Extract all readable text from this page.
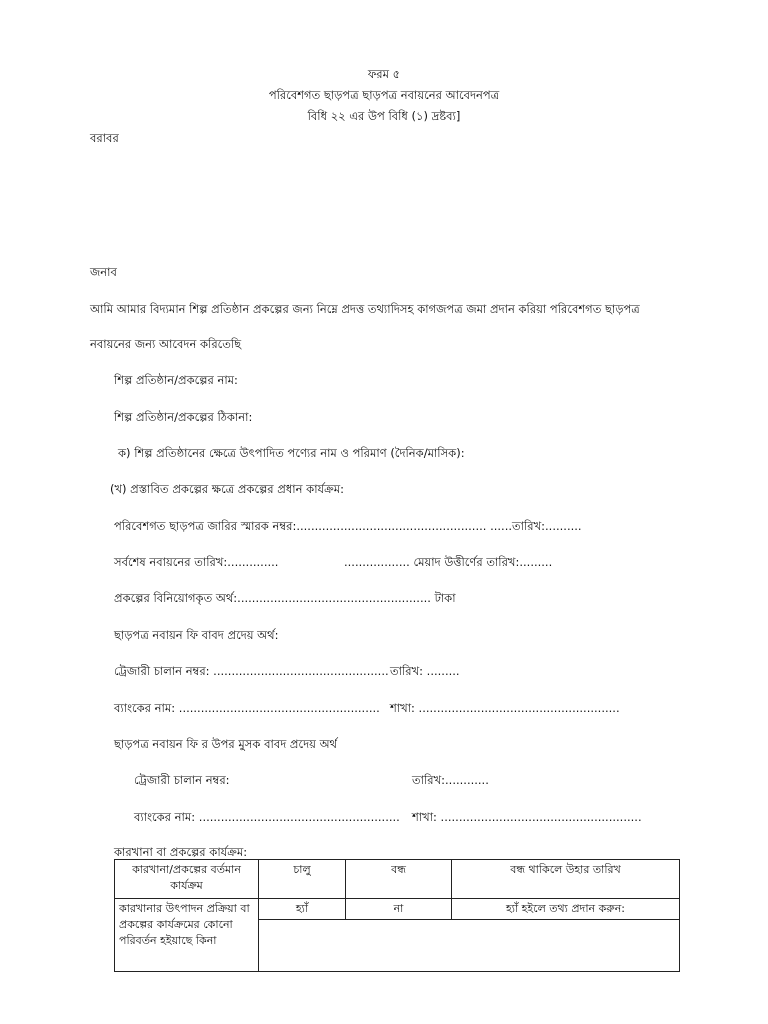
ফরম ৫
পরিবেশগত ছাড়পত্র ছাড়পত্র নবায়নের আবেদনপত্র
বিধি ২২ এর উপ বিধি (১) দ্রষ্টব্য]
বরাবর
জনাব
আমি আমার বিদ্যমান শিল্প প্রতিষ্ঠান প্রকল্পের জন্য নিম্নে প্রদত্ত তথ্যাদিসহ কাগজপত্র জমা প্রদান করিয়া পরিবেশগত ছাড়পত্র
নবায়নের জন্য আবেদন করিতেছি
শিল্প প্রতিষ্ঠান/প্রকল্পের নাম:
শিল্প প্রতিষ্ঠান/প্রকল্পের ঠিকানা:
ক) শিল্প প্রতিষ্ঠানের ক্ষেত্রে উৎপাদিত পণ্যের নাম ও পরিমাণ (দৈনিক/মাসিক):
(খ) প্রস্তাবিত প্রকল্পের ক্ষত্রে প্রকল্পের প্রধান কার্যক্রম:
পরিবেশগত ছাড়পত্র জারির স্মারক নম্বর:.................................................... ......তারিখ:..........
সর্বশেষ নবায়নের তারিখ:..............	.................. মেয়াদ উত্তীর্ণের তারিখ:.........
প্রকল্পের বিনিয়োগকৃত অর্থ:..................................................... টাকা
ছাড়পত্র নবায়ন ফি বাবদ প্রদেয় অর্থ:
ট্রেজারী চালান নম্বর: ................................................ তারিখ: .........
ব্যাংকের নাম: ....................................................... শাখা: .......................................................
ছাড়পত্র নবায়ন ফি র উপর মুসক বাবদ প্রদেয় অর্থ
ট্রেজারী চালান নম্বর:	তারিখ:............
ব্যাংকের নাম: ....................................................... শাখা: .......................................................
কারখানা বা প্রকল্পের কার্যক্রম:
কারখানা/প্রকল্পের বর্তমান কার্যক্রম	চালু	বন্ধ	বন্ধ থাকিলে উহার তারিখ
কারখানার উৎপাদন প্রক্রিয়া বা প্রকল্পের কার্যক্রমের কোনো পরিবর্তন হইয়াছে কিনা	হ্যাঁ	না	হ্যাঁ হইলে তথ্য প্রদান করুন:
